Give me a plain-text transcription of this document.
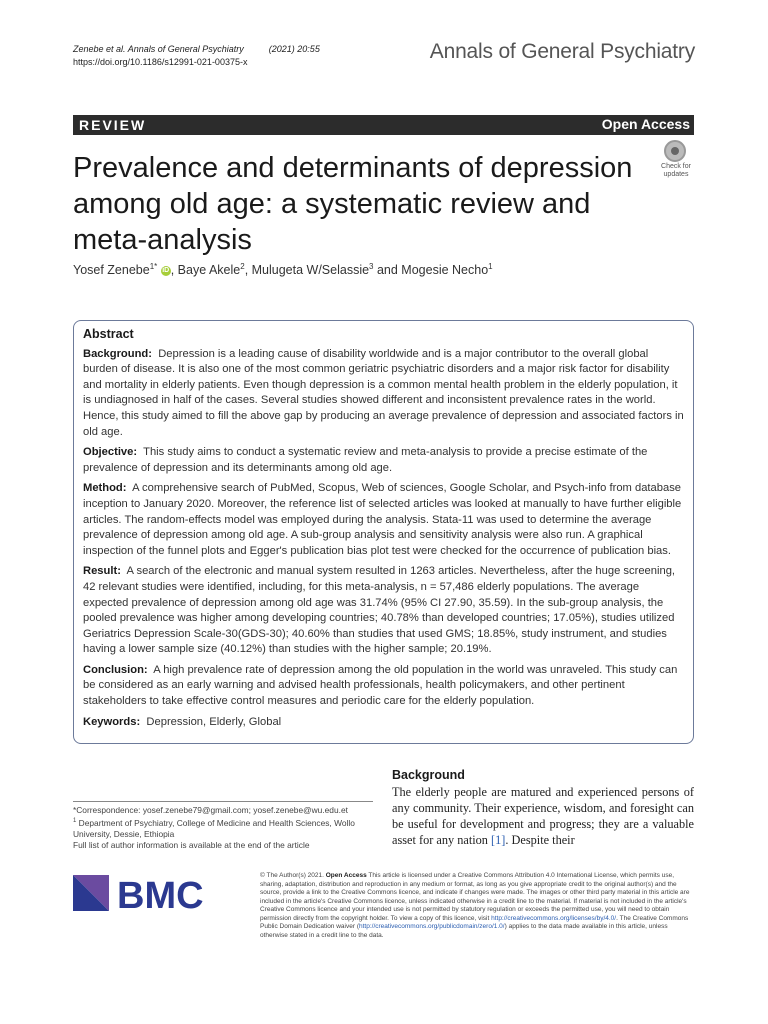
Zenebe et al. Annals of General Psychiatry	(2021) 20:55
https://doi.org/10.1186/s12991-021-00375-x	Annals of General Psychiatry
REVIEW	Open Access
Prevalence and determinants of depression among old age: a systematic review and meta-analysis
Check for
updates
Yosef Zenebe$^{1*}$ iD , Baye Akele$^2$, Mulugeta W/Selassie$^3$ and Mogesie Necho$^1$
Abstract

Background: Depression is a leading cause of disability worldwide and is a major contributor to the overall global burden of disease. It is also one of the most common geriatric psychiatric disorders and a major risk factor for disability and mortality in elderly patients. Even though depression is a common mental health problem in the elderly population, it is undiagnosed in half of the cases. Several studies showed different and inconsistent prevalence rates in the world. Hence, this study aimed to fill the above gap by producing an average prevalence of depression and associated factors in old age.

Objective: This study aims to conduct a systematic review and meta-analysis to provide a precise estimate of the prevalence of depression and its determinants among old age.

Method: A comprehensive search of PubMed, Scopus, Web of sciences, Google Scholar, and Psych-info from database inception to January 2020. Moreover, the reference list of selected articles was looked at manually to have further eligible articles. The random-effects model was employed during the analysis. Stata-11 was used to determine the average prevalence of depression among old age. A sub-group analysis and sensitivity analysis were also run. A graphical inspection of the funnel plots and Egger's publication bias plot test were checked for the occurrence of publication bias.

Result: A search of the electronic and manual system resulted in 1263 articles. Nevertheless, after the huge screening, 42 relevant studies were identified, including, for this meta-analysis, n = 57,486 elderly populations. The average expected prevalence of depression among old age was 31.74% (95% CI 27.90, 35.59). In the sub-group analysis, the pooled prevalence was higher among developing countries; 40.78% than developed countries; 17.05%), studies utilized Geriatrics Depression Scale-30(GDS-30); 40.60% than studies that used GMS; 18.85%, study instrument, and studies having a lower sample size (40.12%) than studies with the higher sample; 20.19%.

Conclusion: A high prevalence rate of depression among the old population in the world was unraveled. This study can be considered as an early warning and advised health professionals, health policymakers, and other pertinent stakeholders to take effective control measures and periodic care for the elderly population.

Keywords: Depression, Elderly, Global

*Correspondence: yosef.zenebe79@gmail.com; yosef.zenebe@wu.edu.et
$^1$ Department of Psychiatry, College of Medicine and Health Sciences, Wollo University, Dessie, Ethiopia
Full list of author information is available at the end of the article
Background
The elderly people are matured and experienced persons of any community. Their experience, wisdom, and foresight can be useful for development and progress; they are a valuable asset for any nation [1]. Despite their
BMC	© The Author(s) 2021. Open Access This article is licensed under a Creative Commons Attribution 4.0 International License, which permits use, sharing, adaptation, distribution and reproduction in any medium or format, as long as you give appropriate credit to the original author(s) and the source, provide a link to the Creative Commons licence, and indicate if changes were made. The images or other third party material in this article are included in the article's Creative Commons licence, unless indicated otherwise in a credit line to the material. If material is not included in the article's Creative Commons licence and your intended use is not permitted by statutory regulation or exceeds the permitted use, you will need to obtain permission directly from the copyright holder. To view a copy of this licence, visit http://creativecommons.org/licenses/by/4.0/. The Creative Commons Public Domain Dedication waiver (http://creativecommons.org/publicdomain/zero/1.0/) applies to the data made available in this article, unless otherwise stated in a credit line to the data.
